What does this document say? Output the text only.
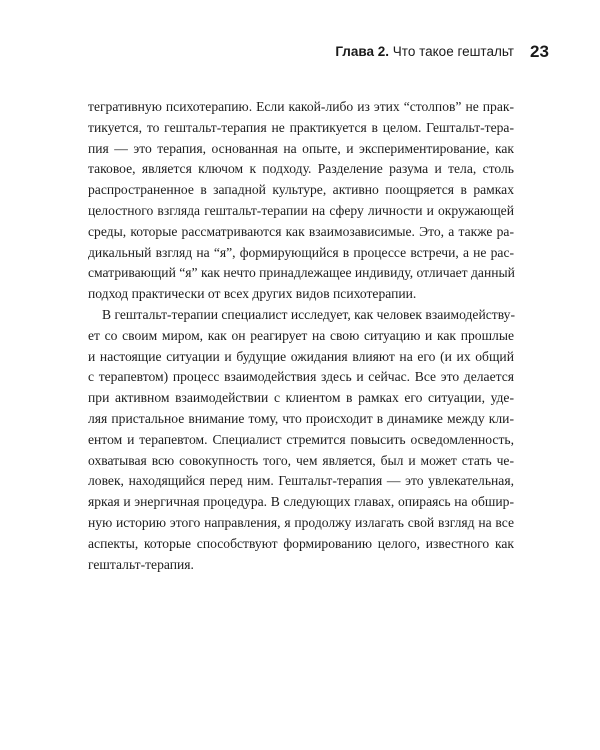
Глава 2. Что такое гештальт 23
тегративную психотерапию. Если какой-либо из этих “столпов” не прак-
тикуется, то гештальт-терапия не практикуется в целом. Гештальт-тера-
пия — это терапия, основанная на опыте, и экспериментирование, как
таковое, является ключом к подходу. Разделение разума и тела, столь
распространенное в западной культуре, активно поощряется в рамках
целостного взгляда гештальт-терапии на сферу личности и окружающей
среды, которые рассматриваются как взаимозависимые. Это, а также ра-
дикальный взгляд на “я”, формирующийся в процессе встречи, а не рас-
сматривающий “я” как нечто принадлежащее индивиду, отличает данный
подход практически от всех других видов психотерапии.
В гештальт-терапии специалист исследует, как человек взаимодейству-
ет со своим миром, как он реагирует на свою ситуацию и как прошлые
и настоящие ситуации и будущие ожидания влияют на его (и их общий
с терапевтом) процесс взаимодействия здесь и сейчас. Все это делается
при активном взаимодействии с клиентом в рамках его ситуации, уде-
ляя пристальное внимание тому, что происходит в динамике между кли-
ентом и терапевтом. Специалист стремится повысить осведомленность,
охватывая всю совокупность того, чем является, был и может стать че-
ловек, находящийся перед ним. Гештальт-терапия — это увлекательная,
яркая и энергичная процедура. В следующих главах, опираясь на обшир-
ную историю этого направления, я продолжу излагать свой взгляд на все
аспекты, которые способствуют формированию целого, известного как
гештальт-терапия.
